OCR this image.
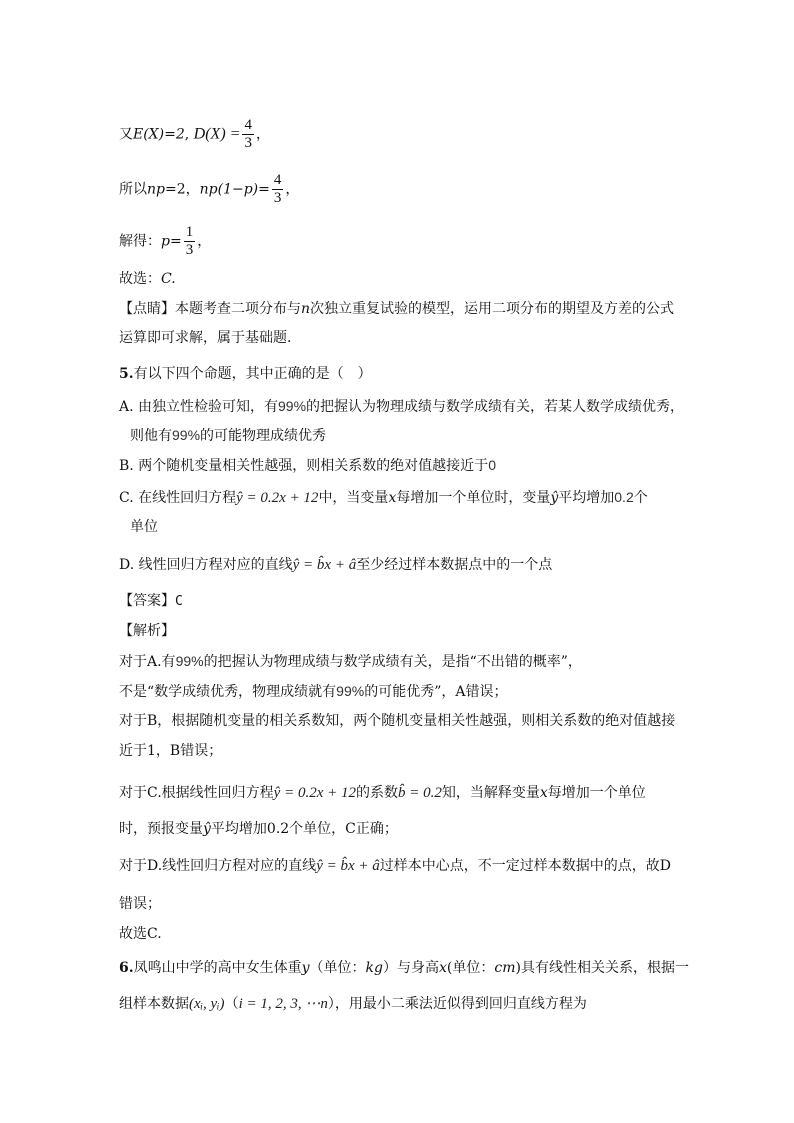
又E(X)=2, $D(X) = \frac{4}{3}$ ，
所以np=2，$np(1-p)= \frac{4}{3}$ ，
解得：$p= \frac{1}{3}$ ，
故选：C.
【点睛】本题考查二项分布与n次独立重复试验的模型，运用二项分布的期望及方差的公式
运算即可求解，属于基础题.
5.有以下四个命题，其中正确的是（　）
A. 由独立性检验可知，有99%的把握认为物理成绩与数学成绩有关，若某人数学成绩优秀，
则他有99%的可能物理成绩优秀
B. 两个随机变量相关性越强，则相关系数的绝对值越接近于0
C. 在线性回归方程ŷ = 0.2x + 12中，当变量x每增加一个单位时，变量ŷ平均增加0.2个
单位
D. 线性回归方程对应的直线ŷ = b̂x + â至少经过样本数据点中的一个点
【答案】C
【解析】
对于A.有99%的把握认为物理成绩与数学成绩有关，是指“不出错的概率”，
不是“数学成绩优秀，物理成绩就有99%的可能优秀”，A错误；
对于B，根据随机变量的相关系数知，两个随机变量相关性越强，则相关系数的绝对值越接
近于1，B错误；
对于C.根据线性回归方程ŷ = 0.2x + 12的系数b̂ = 0.2知，当解释变量x每增加一个单位
时，预报变量ŷ平均增加0.2个单位，C正确；
对于D.线性回归方程对应的直线ŷ = b̂x + â过样本中心点，不一定过样本数据中的点，故D
错误；
故选C.
6.凤鸣山中学的高中女生体重y（单位：kg）与身高x(单位：cm)具有线性相关关系，根据一
组样本数据(xᵢ, yᵢ)（i = 1, 2, 3, ⋯n），用最小二乘法近似得到回归直线方程为
